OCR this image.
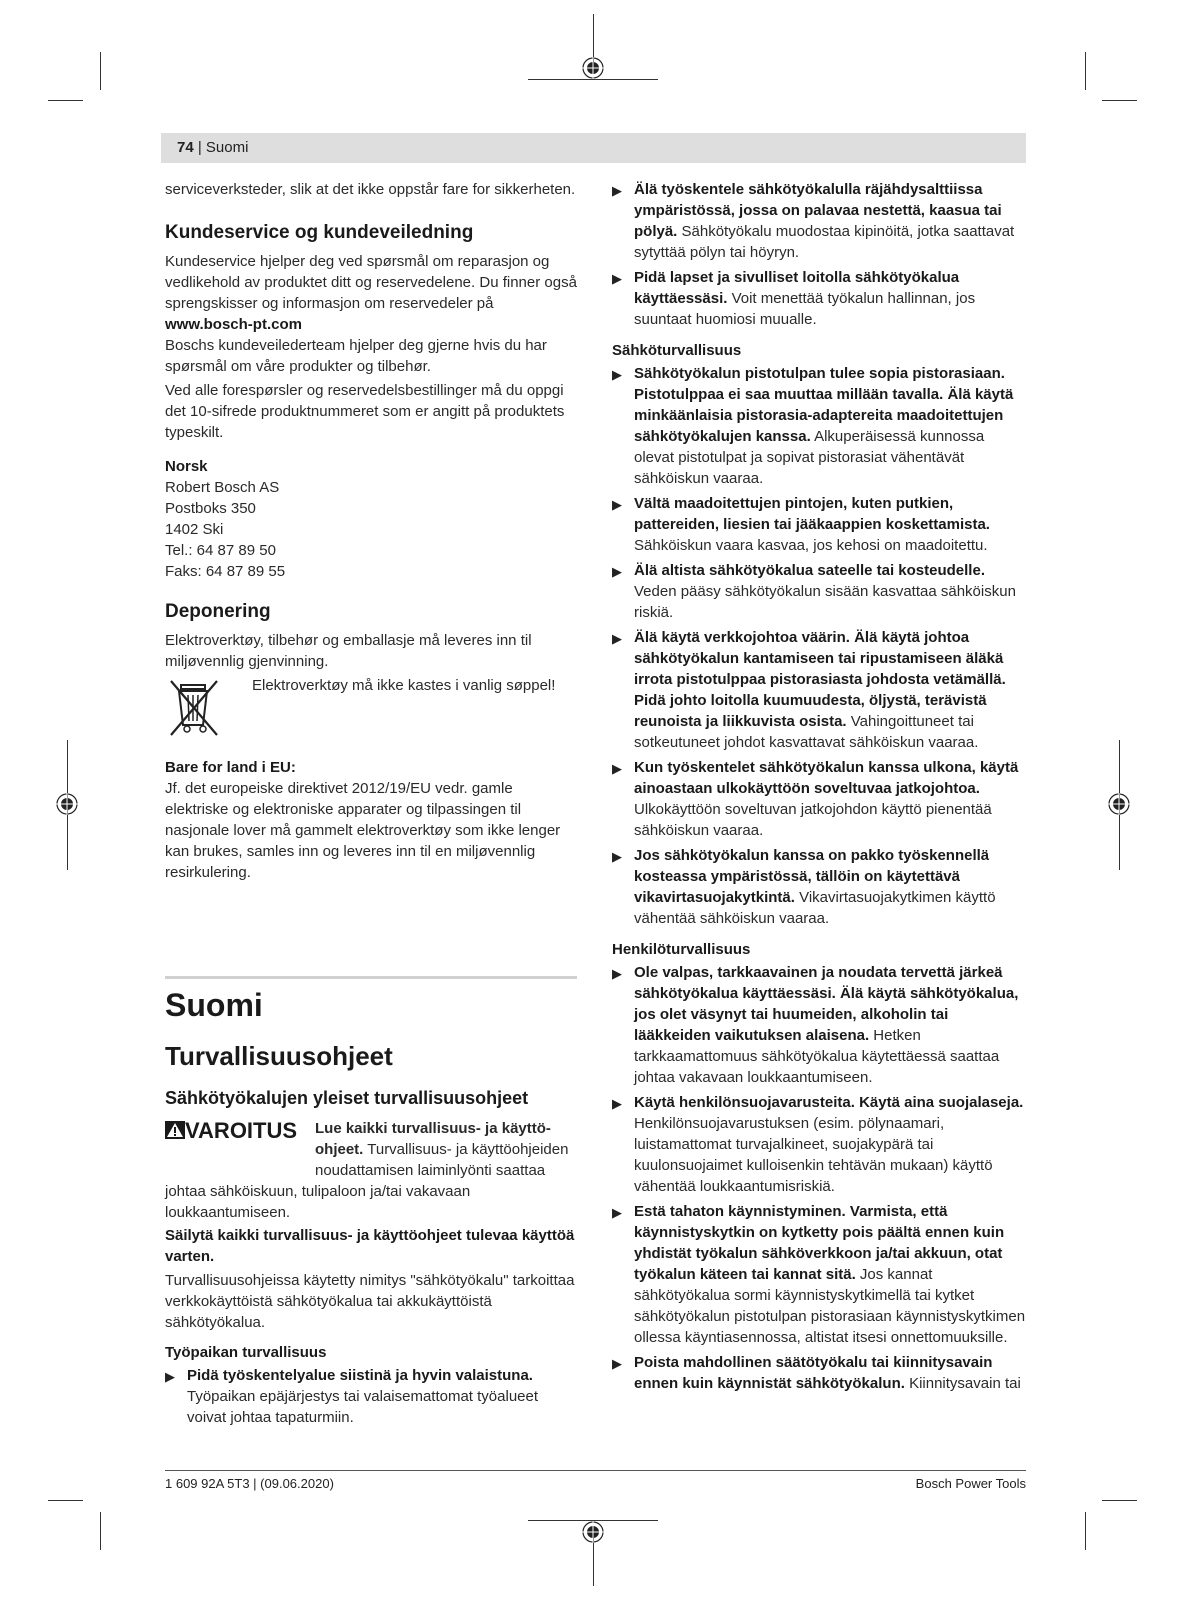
74 | Suomi

serviceverksteder, slik at det ikke oppstår fare for sikkerheten.

Kundeservice og kundeveiledning

Kundeservice hjelper deg ved spørsmål om reparasjon og vedlikehold av produktet ditt og reservedelene. Du finner også sprengskisser og informasjon om reservedeler på

www.bosch-pt.com

Boschs kundeveilederteam hjelper deg gjerne hvis du har spørsmål om våre produkter og tilbehør.

Ved alle forespørsler og reservedelsbestillinger må du oppgi det 10-sifrede produktnummeret som er angitt på produktets typeskilt.

Norsk

Robert Bosch AS
Postboks 350
1402 Ski
Tel.: 64 87 89 50
Faks: 64 87 89 55
Deponering

Elektroverktøy, tilbehør og emballasje må leveres inn til miljøvennlig gjenvinning.

Elektroverktøy må ikke kastes i vanlig søppel!

Bare for land i EU:

Jf. det europeiske direktivet 2012/19/EU vedr. gamle elektriske og elektroniske apparater og tilpassingen til nasjonale lover må gammelt elektroverktøy som ikke lenger kan brukes, samles inn og leveres inn til en miljøvennlig resirkulering.

Suomi
Turvallisuusohjeet
Sähkötyökalujen yleiset turvallisuusohjeet
VAROITUS	Lue kaikki turvallisuus- ja käyttöohjeet. Turvallisuus- ja käyttöohjeiden noudattamisen laiminlyönti saattaa johtaa sähköiskuun, tulipaloon ja/tai vakavaan loukkaantumiseen.

Säilytä kaikki turvallisuus- ja käyttöohjeet tulevaa käyttöä varten.

Turvallisuusohjeissa käytetty nimitys "sähkötyökalu" tarkoittaa verkkokäyttöistä sähkötyökalua tai akkukäyttöistä sähkötyökalua.

Työpaikan turvallisuus

▶ Pidä työskentelyalue siistinä ja hyvin valaistuna. Työpaikan epäjärjestys tai valaisemattomat työalueet voivat johtaa tapaturmiin.
▶ Älä työskentele sähkötyökalulla räjähdysalttiissa ympäristössä, jossa on palavaa nestettä, kaasua tai pölyä. Sähkötyökalu muodostaa kipinöitä, jotka saattavat sytyttää pölyn tai höyryn.
▶ Pidä lapset ja sivulliset loitolla sähkötyökalua käyttäessäsi. Voit menettää työkalun hallinnan, jos suuntaat huomiosi muualle.

Sähköturvallisuus

▶ Sähkötyökalun pistotulpan tulee sopia pistorasiaan. Pistotulppaa ei saa muuttaa millään tavalla. Älä käytä minkäänlaisia pistorasia-adaptereita maadoitettujen sähkötyökalujen kanssa. Alkuperäisessä kunnossa olevat pistotulpat ja sopivat pistorasiat vähentävät sähköiskun vaaraa.
▶ Vältä maadoitettujen pintojen, kuten putkien, pattereiden, liesien tai jääkaappien koskettamista. Sähköiskun vaara kasvaa, jos kehosi on maadoitettu.
▶ Älä altista sähkötyökalua sateelle tai kosteudelle. Veden pääsy sähkötyökalun sisään kasvattaa sähköiskun riskiä.
▶ Älä käytä verkkojohtoa väärin. Älä käytä johtoa sähkötyökalun kantamiseen tai ripustamiseen äläkä irrota pistotulppaa pistorasiasta johdosta vetämällä. Pidä johto loitolla kuumuudesta, öljystä, terävistä reunoista ja liikkuvista osista. Vahingoittuneet tai sotkeutuneet johdot kasvattavat sähköiskun vaaraa.
▶ Kun työskentelet sähkötyökalun kanssa ulkona, käytä ainoastaan ulkokäyttöön soveltuvaa jatkojohtoa. Ulkokäyttöön soveltuvan jatkojohdon käyttö pienentää sähköiskun vaaraa.
▶ Jos sähkötyökalun kanssa on pakko työskennellä kosteassa ympäristössä, tällöin on käytettävä vikavirtasuojakytkintä. Vikavirtasuojakytkimen käyttö vähentää sähköiskun vaaraa.

Henkilöturvallisuus

▶ Ole valpas, tarkkaavainen ja noudata tervettä järkeä sähkötyökalua käyttäessäsi. Älä käytä sähkötyökalua, jos olet väsynyt tai huumeiden, alkoholin tai lääkkeiden vaikutuksen alaisena. Hetken tarkkaamattomuus sähkötyökalua käytettäessä saattaa johtaa vakavaan loukkaantumiseen.
▶ Käytä henkilönsuojavarusteita. Käytä aina suojalaseja. Henkilönsuojavarustuksen (esim. pölynaamari, luistamattomat turvajalkineet, suojakypärä tai kuulonsuojaimet kulloisenkin tehtävän mukaan) käyttö vähentää loukkaantumisriskiä.
▶ Estä tahaton käynnistyminen. Varmista, että käynnistyskytkin on kytketty pois päältä ennen kuin yhdistät työkalun sähköverkkoon ja/tai akkuun, otat työkalun käteen tai kannat sitä. Jos kannat sähkötyökalua sormi käynnistyskytkimellä tai kytket sähkötyökalun pistotulpan pistorasiaan käynnistyskytkimen ollessa käyntiasennossa, altistat itsesi onnettomuuksille.
▶ Poista mahdollinen säätötyökalu tai kiinnitysavain ennen kuin käynnistät sähkötyökalun. Kiinnitysavain tai
1 609 92A 5T3 | (09.06.2020)	Bosch Power Tools
